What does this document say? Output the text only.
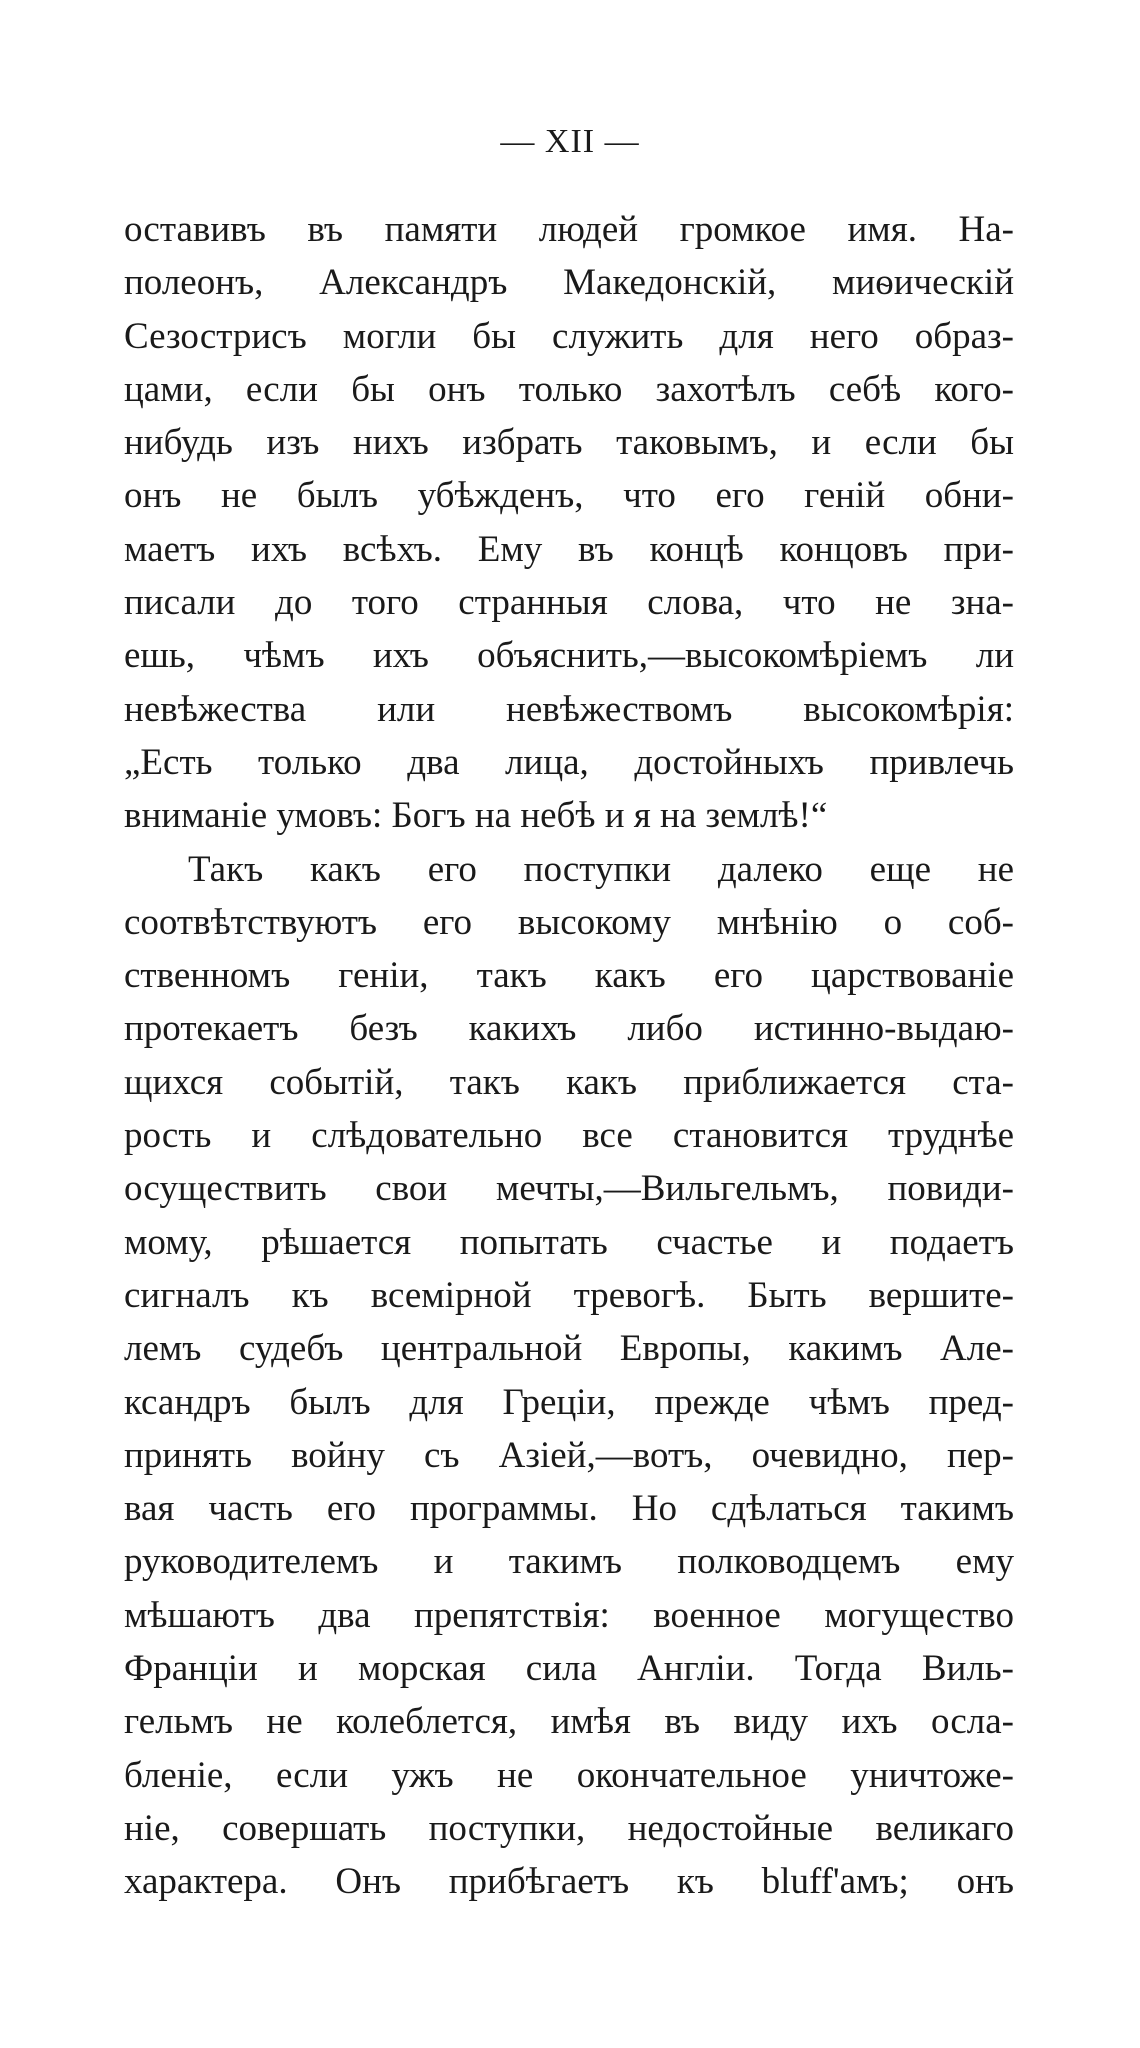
— XII —
оставивъ въ памяти людей громкое имя. На-
полеонъ, Александръ Македонскій, миѳическій
Сезострисъ могли бы служить для него образ-
цами, если бы онъ только захотѣлъ себѣ кого-
нибудь изъ нихъ избрать таковымъ, и если бы
онъ не былъ убѣжденъ, что его геній обни-
маетъ ихъ всѣхъ. Ему въ концѣ концовъ при-
писали до того странныя слова, что не зна-
ешь, чѣмъ ихъ объяснить,—высокомѣріемъ ли
невѣжества или невѣжествомъ высокомѣрія:
„Есть только два лица, достойныхъ привлечь
вниманіе умовъ: Богъ на небѣ и я на землѣ!“
Такъ какъ его поступки далеко еще не
соотвѣтствуютъ его высокому мнѣнію о соб-
ственномъ геніи, такъ какъ его царствованіе
протекаетъ безъ какихъ либо истинно-выдаю-
щихся событій, такъ какъ приближается ста-
рость и слѣдовательно все становится труднѣе
осуществить свои мечты,—Вильгельмъ, повиди-
мому, рѣшается попытать счастье и подаетъ
сигналъ къ всеміpной тревогѣ. Быть вершите-
лемъ судебъ центральной Европы, какимъ Але-
ксандръ былъ для Греціи, прежде чѣмъ пред-
принять войну съ Азіей,—вотъ, очевидно, пер-
вая часть его программы. Но сдѣлаться такимъ
руководителемъ и такимъ полководцемъ ему
мѣшаютъ два препятствія: военное могущество
Франціи и морская сила Англіи. Тогда Виль-
гельмъ не колеблется, имѣя въ виду ихъ осла-
бленіе, если ужъ не окончательное уничтоже-
ніе, совершать поступки, недостойные великаго
характера. Онъ прибѣгаетъ къ bluff'амъ; онъ
